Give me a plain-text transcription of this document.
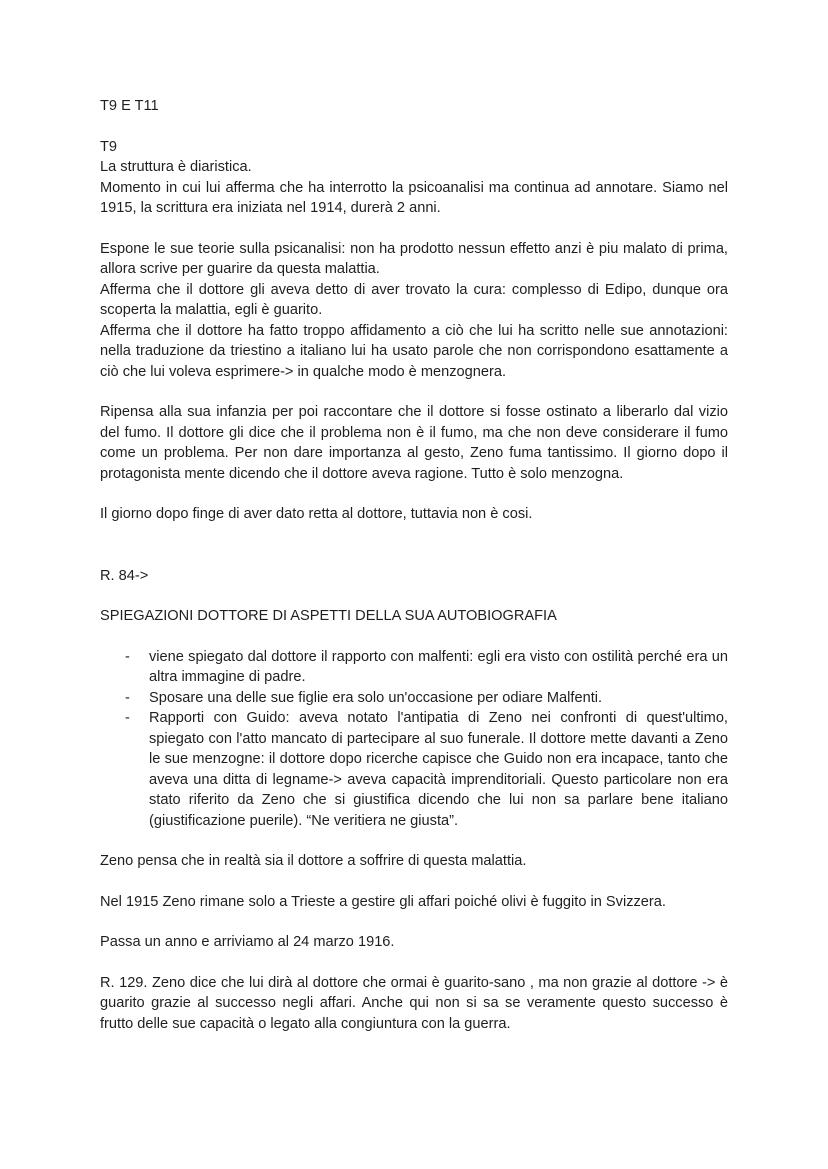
T9 E T11

T9

La struttura è diaristica.

Momento in cui lui afferma che ha interrotto la psicoanalisi ma continua ad annotare. Siamo nel 1915, la scrittura era iniziata nel 1914, durerà 2 anni.

Espone le sue teorie sulla psicanalisi: non ha prodotto nessun effetto anzi è piu malato di prima, allora scrive per guarire da questa malattia.

Afferma che il dottore gli aveva detto di aver trovato la cura: complesso di Edipo, dunque ora scoperta la malattia, egli è guarito.

Afferma che il dottore ha fatto troppo affidamento a ciò che lui ha scritto nelle sue annotazioni: nella traduzione da triestino a italiano lui ha usato parole che non corrispondono esattamente a ciò che lui voleva esprimere-> in qualche modo è menzognera.

Ripensa alla sua infanzia per poi raccontare che il dottore si fosse ostinato a liberarlo dal vizio del fumo. Il dottore gli dice che il problema non è il fumo, ma che non deve considerare il fumo come un problema. Per non dare importanza al gesto, Zeno fuma tantissimo. Il giorno dopo il protagonista mente dicendo che il dottore aveva ragione. Tutto è solo menzogna.

Il giorno dopo finge di aver dato retta al dottore, tuttavia non è cosi.

R. 84->

SPIEGAZIONI DOTTORE DI ASPETTI DELLA SUA AUTOBIOGRAFIA

- viene spiegato dal dottore il rapporto con malfenti: egli era visto con ostilità perché era un altra immagine di padre.
- Sposare una delle sue figlie era solo un'occasione per odiare Malfenti.
- Rapporti con Guido: aveva notato l'antipatia di Zeno nei confronti di quest'ultimo, spiegato con l'atto mancato di partecipare al suo funerale. Il dottore mette davanti a Zeno le sue menzogne: il dottore dopo ricerche capisce che Guido non era incapace, tanto che aveva una ditta di legname-> aveva capacità imprenditoriali. Questo particolare non era stato riferito da Zeno che si giustifica dicendo che lui non sa parlare bene italiano (giustificazione puerile). “Ne veritiera ne giusta”.

Zeno pensa che in realtà sia il dottore a soffrire di questa malattia.

Nel 1915 Zeno rimane solo a Trieste a gestire gli affari poiché olivi è fuggito in Svizzera.

Passa un anno e arriviamo al 24 marzo 1916.

R. 129. Zeno dice che lui dirà al dottore che ormai è guarito-sano , ma non grazie al dottore -> è guarito grazie al successo negli affari. Anche qui non si sa se veramente questo successo è frutto delle sue capacità o legato alla congiuntura con la guerra.
